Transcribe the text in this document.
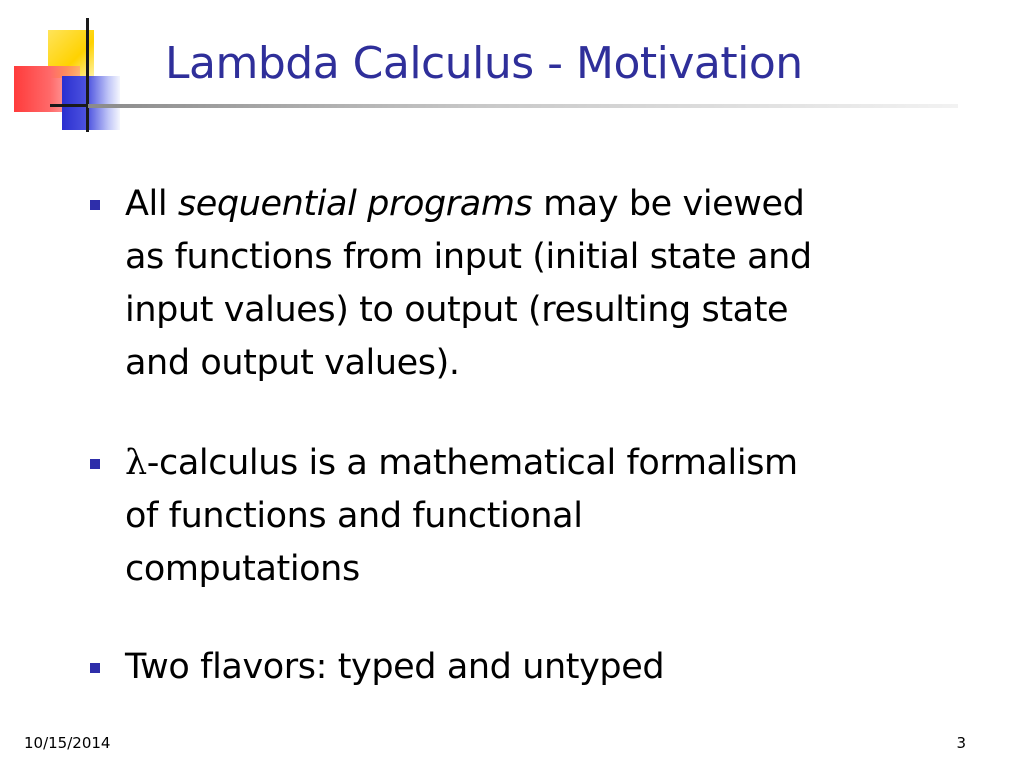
Lambda Calculus - Motivation
All sequential programs may be viewed
as functions from input (initial state and
input values) to output (resulting state
and output values).
λ-calculus is a mathematical formalism
of functions and functional
computations
Two flavors: typed and untyped
10/15/2014	3
